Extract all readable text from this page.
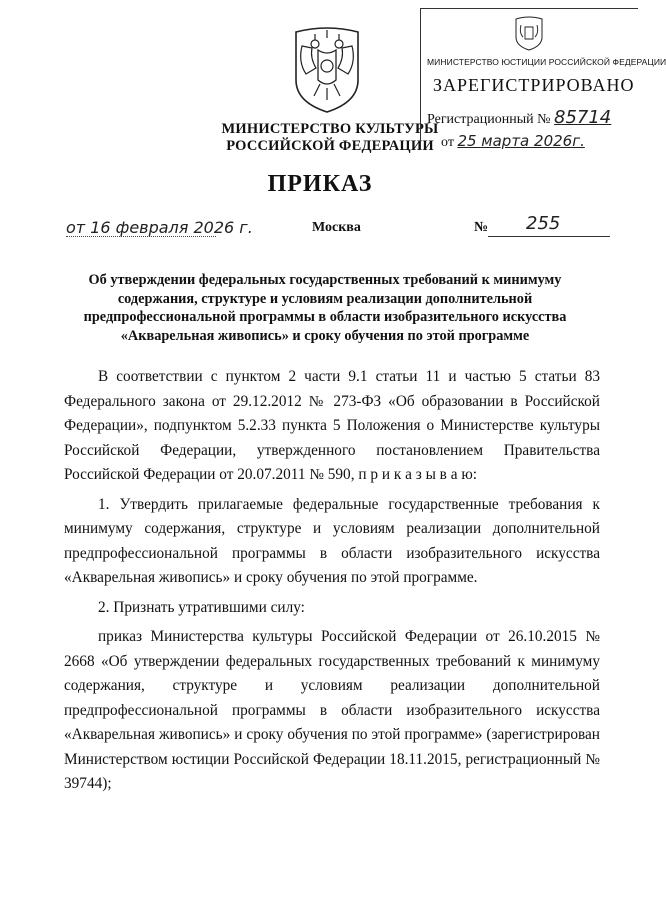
МИНИСТЕРСТВО КУЛЬТУРЫ
РОССИЙСКОЙ ФЕДЕРАЦИИ
МИНИСТЕРСТВО ЮСТИЦИИ РОССИЙСКОЙ ФЕДЕРАЦИИ
ЗАРЕГИСТРИРОВАНО
Регистрационный № 85714
от 25 марта 2026г.
ПРИКАЗ
от 16 февраля 2026 г.	Москва	№ 255
Об утверждении федеральных государственных требований к минимуму содержания, структуре и условиям реализации дополнительной предпрофессиональной программы в области изобразительного искусства «Акварельная живопись» и сроку обучения по этой программе

В соответствии с пунктом 2 части 9.1 статьи 11 и частью 5 статьи 83 Федерального закона от 29.12.2012 № 273-ФЗ «Об образовании в Российской Федерации», подпунктом 5.2.33 пункта 5 Положения о Министерстве культуры Российской Федерации, утвержденного постановлением Правительства Российской Федерации от 20.07.2011 № 590, п р и к а з ы в а ю:

1. Утвердить прилагаемые федеральные государственные требования к минимуму содержания, структуре и условиям реализации дополнительной предпрофессиональной программы в области изобразительного искусства «Акварельная живопись» и сроку обучения по этой программе.

2. Признать утратившими силу:

приказ Министерства культуры Российской Федерации от 26.10.2015 № 2668 «Об утверждении федеральных государственных требований к минимуму содержания, структуре и условиям реализации дополнительной предпрофессиональной программы в области изобразительного искусства «Акварельная живопись» и сроку обучения по этой программе» (зарегистрирован Министерством юстиции Российской Федерации 18.11.2015, регистрационный № 39744);
